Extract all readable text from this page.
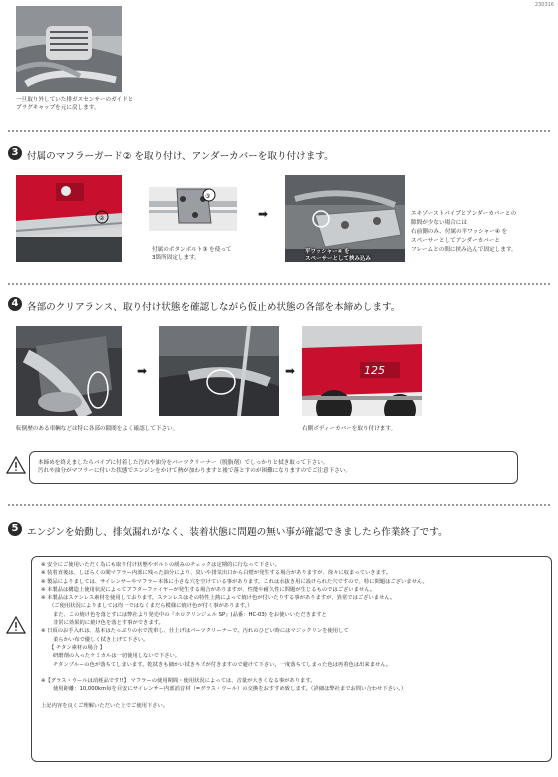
230316
一旦取り外していた排ガスセンサーのガイドと
プラグキャップを元に戻します。
3 付属のマフラーガード② を取り付け、アンダーカバーを取り付けます。
②
③
付属のボタンボルト③ を使って
3箇所固定します。
➡
平ワッシャー④ を
スペーサーとして挟み込み
エキゾーストパイプとアンダーカバーとの
隙間が少ない場合には
右前側のみ、付属の平ワッシャー④ を
スペーサーとしてアンダーカバーと
フレームとの間に挟み込んで固定します。
4 各部のクリアランス、取り付け状態を確認しながら仮止め状態の各部を本締めします。
➡	➡	125
転倒歴のある車輌などは特に各部の隙間をよく確認して下さい。	右側ボディーカバーを取り付けます。
本締めを終えましたらパイプに付着した汚れや油分をパーツクリーナー（脱脂剤）でしっかりと拭き取って下さい。
汚れや油分がマフラーに付いた状態でエンジンをかけて熱が加わりますと後で落とすのが困難になりますのでご注意下さい。
5 エンジンを始動し、排気漏れがなく、装着状態に問題の無い事が確認できましたら作業終了です。
※ 安全にご使用いただく為にも取り付け状態やボルトの緩みのチェックは定期的に行なって下さい。
※ 装着直後は、しばらくの間マフラー内部に残った油分により、臭いや排気出口から白煙が発生する場合がありますが、徐々に収まっていきます。
※ 製品によりましては、サイレンサーやマフラー本体に小さな穴を空けている事があります。これは水抜き用に設けられた穴ですので、特に問題はございません。
※ 本製品は構造上使用状況によってアフターファイヤーが発生する場合がありますが、性能や耐久性に問題が生じるものではございません。
※ 本製品はステンレス素材を使用しております。ステンレスはその特性上熱によって焼け色が付いたりする事がありますが、異常ではございません。
（ご使用状況によりましては均一ではなくまだら模様に焼け色が付く事があります。）
また、この焼け色を落とすには弊社より発売中の『ホロクリンジェル SP』(品番：HC-03) をお使いいただきますと
非常に効果的に焼け色を落とす事ができます。
※ 日頃のお手入れは、基本はたっぷりの水で洗車し、仕上げはパーツクリーナーで。汚れのひどい時にはマジックリンを使用して
柔らかい布で優しく拭き上げて下さい。
【 チタン素材の場合 】
研磨剤の入ったケミカルは一切使用しないで下さい。
チタンブルーの色が落ちてしまいます。乾拭きも細かい拭きキズが付きますので避けて下さい。一度落ちてしまった色は再着色は出来ません。
※【グラス・ウールは消耗品です!!】 マフラーの使用期間・使用状況によっては、音量が大きくなる事があります。
使用距離：10,000km毎を目安にサイレンサー内部消音材（=グラス・ウール）の交換をおすすめ致します。（詳細は弊社までお問い合わせ下さい。）
上記内容を良くご理解いただいた上でご使用下さい。
